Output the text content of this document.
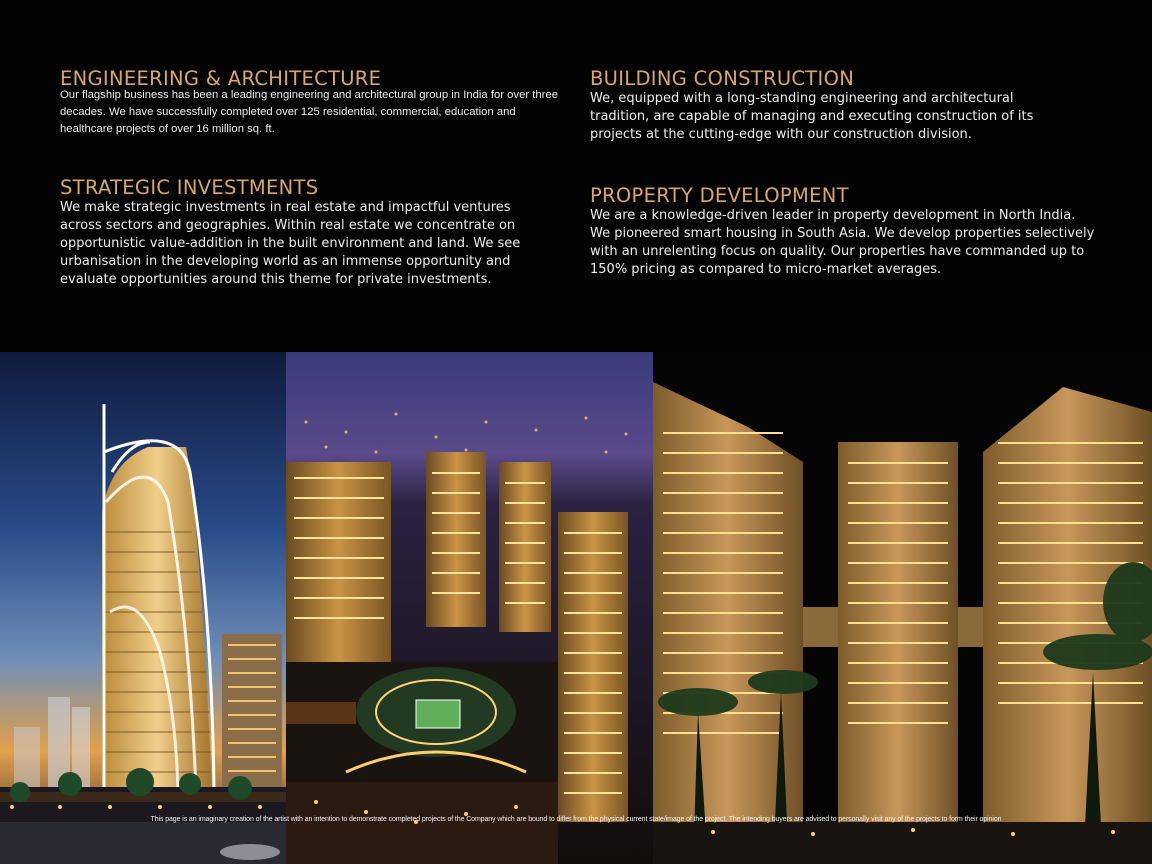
ENGINEERING & ARCHITECTURE

Our flagship business has been a leading engineering and architectural group in India for over three decades. We have successfully completed over 125 residential, commercial, education and healthcare projects of over 16 million sq. ft.

STRATEGIC INVESTMENTS

We make strategic investments in real estate and impactful ventures across sectors and geographies. Within real estate we concentrate on opportunistic value-addition in the built environment and land. We see urbanisation in the developing world as an immense opportunity and evaluate opportunities around this theme for private investments.

BUILDING CONSTRUCTION

We, equipped with a long-standing engineering and architectural tradition, are capable of managing and executing construction of its projects at the cutting-edge with our construction division.

PROPERTY DEVELOPMENT

We are a knowledge-driven leader in property development in North India. We pioneered smart housing in South Asia. We develop properties selectively with an unrelenting focus on quality. Our properties have commanded up to 150% pricing as compared to micro-market averages.

This page is an imaginary creation of the artist with an intention to demonstrate completed projects of the Company which are bound to differ from the physical current state/image of the project. The intending buyers are advised to personally visit any of the projects to form their opinion
